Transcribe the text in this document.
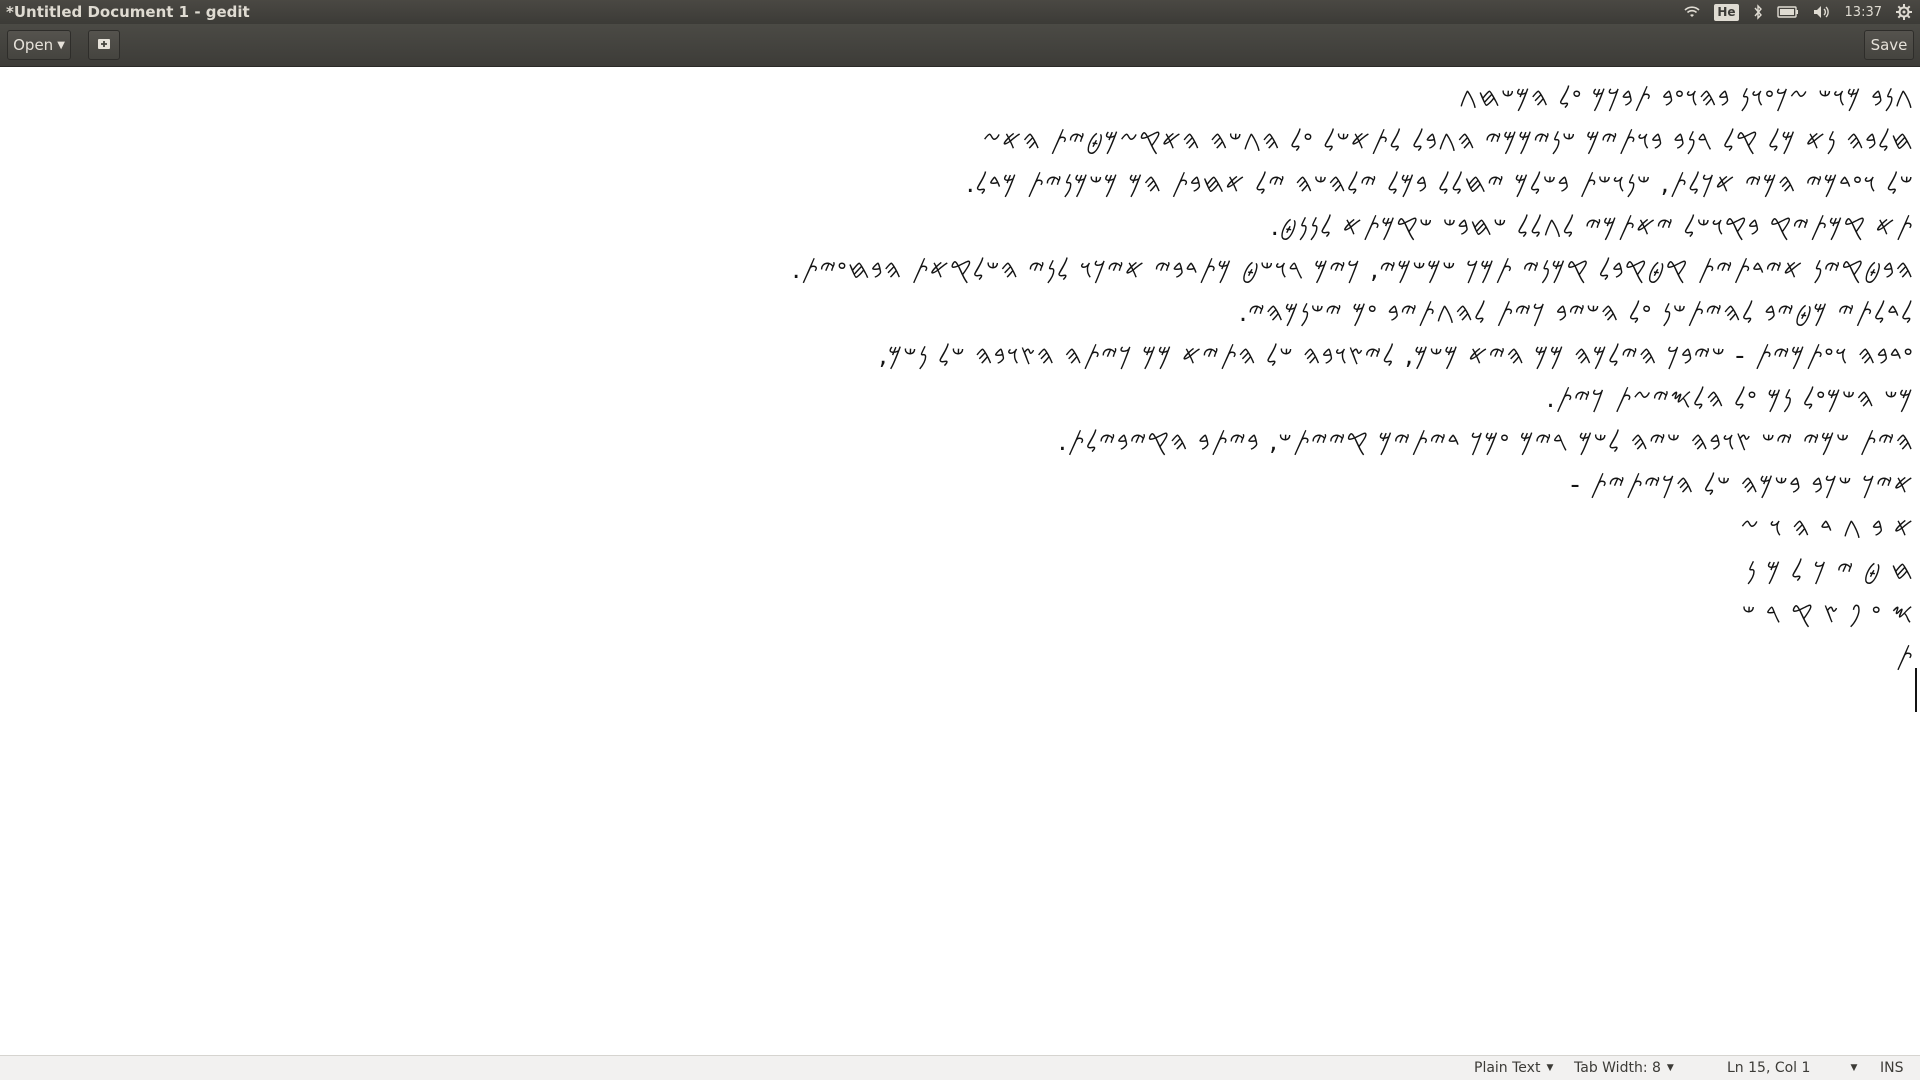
*Untitled Document 1 - gedit	He	13:37
Open ▼	Save
𐤂𐤍𐤁 𐤌𐤅𐤔 𐤆𐤊𐤏𐤅𐤍 𐤁𐤄𐤅𐤏𐤁 𐤕𐤁𐤊𐤌 𐤏𐤋 𐤄𐤌𐤔𐤇𐤂
𐤇𐤋𐤁𐤄 𐤍𐤀 𐤌𐤋 𐤒𐤋 𐤓𐤍𐤁 𐤁𐤅𐤕𐤉𐤌 𐤔𐤍𐤉𐤌𐤌𐤉 𐤄𐤂𐤁𐤋 𐤋𐤕𐤀𐤔𐤋 𐤏𐤋 𐤄𐤂𐤔𐤄 𐤄𐤀𐤒𐤆𐤌𐤈𐤉𐤕 𐤄𐤀𐤆
𐤔𐤋 𐤅𐤏𐤃𐤌𐤉 𐤄𐤌𐤉 𐤀𐤊𐤋𐤕, 𐤔𐤍𐤅𐤔𐤕 𐤁𐤔𐤋𐤌 𐤉𐤇𐤋𐤋 𐤁𐤌𐤋 𐤉𐤋𐤄𐤔𐤄 𐤉𐤋 𐤀𐤇𐤁𐤕 𐤄𐤌 𐤌𐤔𐤌𐤍𐤉𐤕 𐤌𐤃𐤋.
𐤕𐤀 𐤒𐤌𐤕𐤉𐤒 𐤁𐤒𐤅𐤔𐤋 𐤉𐤀𐤕𐤌𐤉 𐤋𐤂𐤋𐤋 𐤔𐤇𐤁𐤔 𐤔𐤒𐤌𐤕𐤀 𐤋𐤍𐤍𐤈.
𐤄𐤁𐤈𐤒𐤉𐤍 𐤀𐤉𐤃𐤕𐤉𐤕 𐤒𐤈𐤒𐤁𐤋 𐤒𐤌𐤍𐤉 𐤕𐤌𐤊 𐤔𐤌𐤔𐤌𐤉, 𐤊𐤉𐤌 𐤓𐤅𐤔𐤈 𐤌𐤕𐤃𐤁𐤉 𐤀𐤉𐤊𐤅 𐤋𐤍𐤉 𐤄𐤔𐤋𐤒𐤀𐤕 𐤄𐤁𐤇𐤏𐤉𐤕.
𐤋𐤃𐤋𐤕𐤉 𐤌𐤈𐤉𐤁 𐤋𐤄𐤉𐤕𐤔𐤍 𐤏𐤋 𐤄𐤔𐤉𐤁 𐤊𐤉𐤕 𐤋𐤄𐤂𐤕𐤉𐤁 𐤏𐤌 𐤉𐤔𐤍𐤌𐤄𐤉.
𐤏𐤃𐤁𐤄 𐤅𐤏𐤕𐤌𐤉𐤕 - 𐤔𐤉𐤁𐤊 𐤄𐤉𐤋𐤌𐤄 𐤌𐤌 𐤄𐤉𐤀 𐤌𐤔𐤌, 𐤋𐤉𐤑𐤅𐤁𐤄 𐤔𐤋 𐤄𐤕𐤉𐤀 𐤌𐤌 𐤊𐤉𐤕𐤄 𐤄𐤑𐤅𐤁𐤄 𐤔𐤋 𐤍𐤔𐤌,
𐤌𐤔 𐤄𐤔𐤌𐤏𐤋 𐤍𐤌 𐤏𐤋 𐤄𐤋𐤎𐤉𐤆𐤕 𐤊𐤉𐤕.
𐤄𐤉𐤕 𐤔𐤌𐤉 𐤉𐤔 𐤑𐤅𐤁𐤄 𐤔𐤉𐤄 𐤋𐤔𐤌 𐤓𐤉𐤌 𐤏𐤌𐤊 𐤃𐤉𐤕𐤉𐤌 𐤒𐤉𐤉𐤕𐤔, 𐤁𐤉𐤕𐤁 𐤄𐤒𐤉𐤁𐤉𐤋𐤕.
𐤀𐤉𐤊 𐤔𐤊𐤁 𐤁𐤔𐤌𐤄 𐤔𐤋 𐤄𐤊𐤉𐤕𐤉𐤕 -
𐤀 𐤁 𐤂 𐤃 𐤄 𐤅 𐤆
𐤇 𐤈 𐤉 𐤊 𐤋 𐤌 𐤍
𐤎 𐤏 𐤐 𐤑 𐤒 𐤓 𐤔
𐤕
Plain Text ▼ Tab Width: 8 ▼	Ln 15, Col 1	▼ INS
